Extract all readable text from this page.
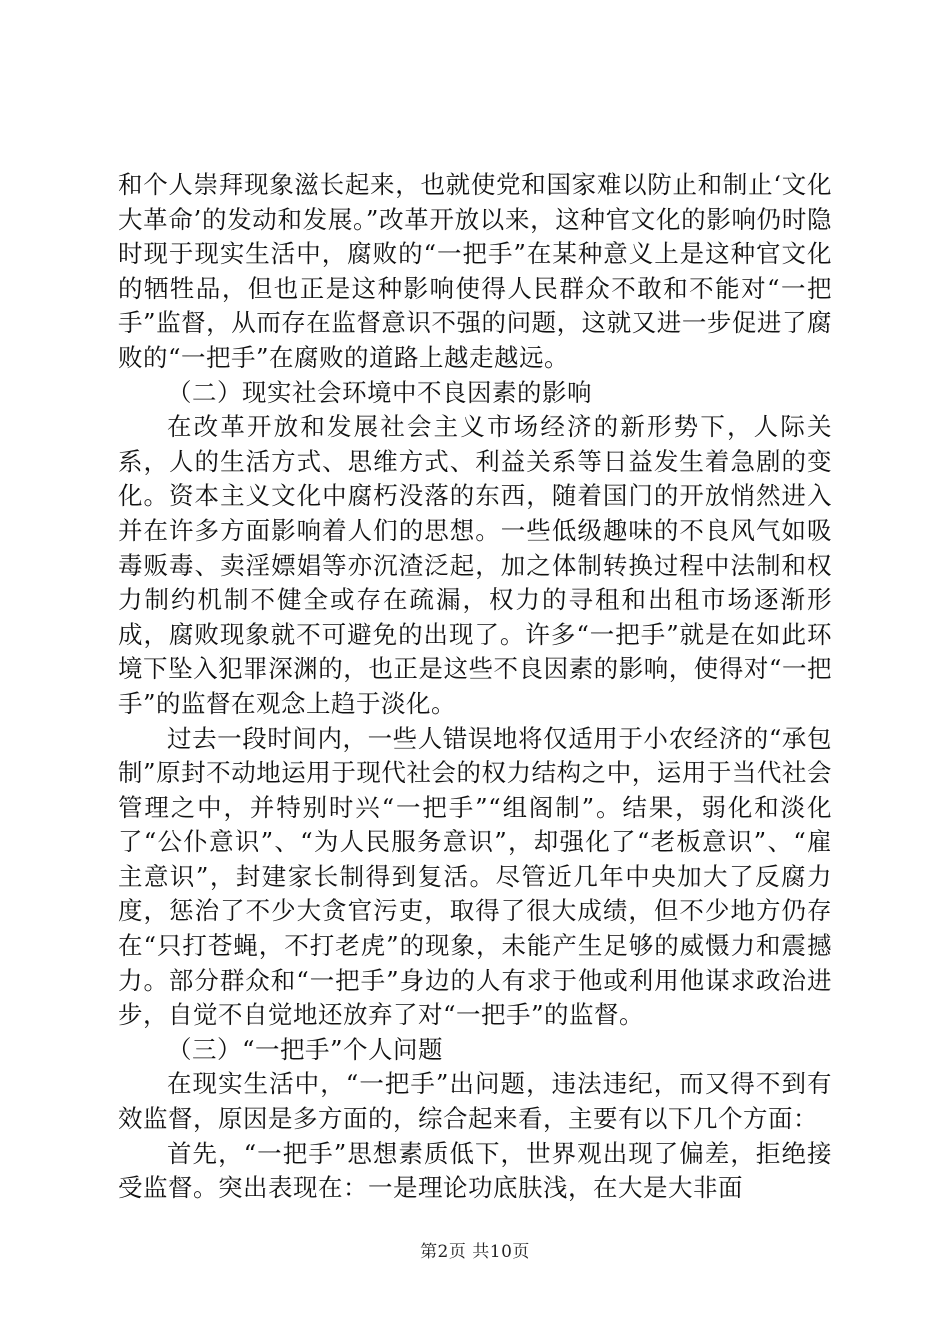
和个人崇拜现象滋长起来，也就使党和国家难以防止和制止‘文化大革命’的发动和发展。”改革开放以来，这种官文化的影响仍时隐时现于现实生活中，腐败的“一把手”在某种意义上是这种官文化的牺牲品，但也正是这种影响使得人民群众不敢和不能对“一把手”监督，从而存在监督意识不强的问题，这就又进一步促进了腐败的“一把手”在腐败的道路上越走越远。

（二）现实社会环境中不良因素的影响

在改革开放和发展社会主义市场经济的新形势下，人际关系，人的生活方式、思维方式、利益关系等日益发生着急剧的变化。资本主义文化中腐朽没落的东西，随着国门的开放悄然进入并在许多方面影响着人们的思想。一些低级趣味的不良风气如吸毒贩毒、卖淫嫖娼等亦沉渣泛起，加之体制转换过程中法制和权力制约机制不健全或存在疏漏，权力的寻租和出租市场逐渐形成，腐败现象就不可避免的出现了。许多“一把手”就是在如此环境下坠入犯罪深渊的，也正是这些不良因素的影响，使得对“一把手”的监督在观念上趋于淡化。

过去一段时间内，一些人错误地将仅适用于小农经济的“承包制”原封不动地运用于现代社会的权力结构之中，运用于当代社会管理之中，并特别时兴“一把手”“组阁制”。结果，弱化和淡化了“公仆意识”、“为人民服务意识”，却强化了“老板意识”、“雇主意识”，封建家长制得到复活。尽管近几年中央加大了反腐力度，惩治了不少大贪官污吏，取得了很大成绩，但不少地方仍存在“只打苍蝇，不打老虎”的现象，未能产生足够的威慑力和震撼力。部分群众和“一把手”身边的人有求于他或利用他谋求政治进步，自觉不自觉地还放弃了对“一把手”的监督。

（三）“一把手”个人问题

在现实生活中，“一把手”出问题，违法违纪，而又得不到有效监督，原因是多方面的，综合起来看，主要有以下几个方面：

首先，“一把手”思想素质低下，世界观出现了偏差，拒绝接受监督。突出表现在：一是理论功底肤浅，在大是大非面

第2页 共10页
